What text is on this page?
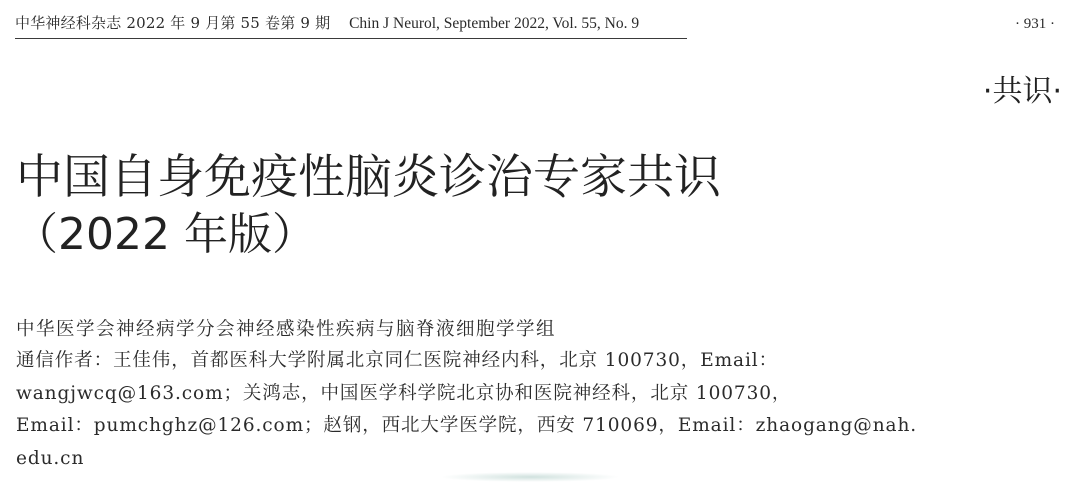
中华神经科杂志 2022 年 9 月第 55 卷第 9 期 Chin J Neurol, September 2022, Vol. 55, No. 9	· 931 ·
·共识·
中国自身免疫性脑炎诊治专家共识
（2022 年版）
中华医学会神经病学分会神经感染性疾病与脑脊液细胞学学组

通信作者：王佳伟，首都医科大学附属北京同仁医院神经内科，北京 100730，Email：
wangjwcq@163.com；关鸿志，中国医学科学院北京协和医院神经科，北京 100730，
Email：pumchghz@126.com；赵钢，西北大学医学院，西安 710069，Email：zhaogang@nah.
edu.cn
